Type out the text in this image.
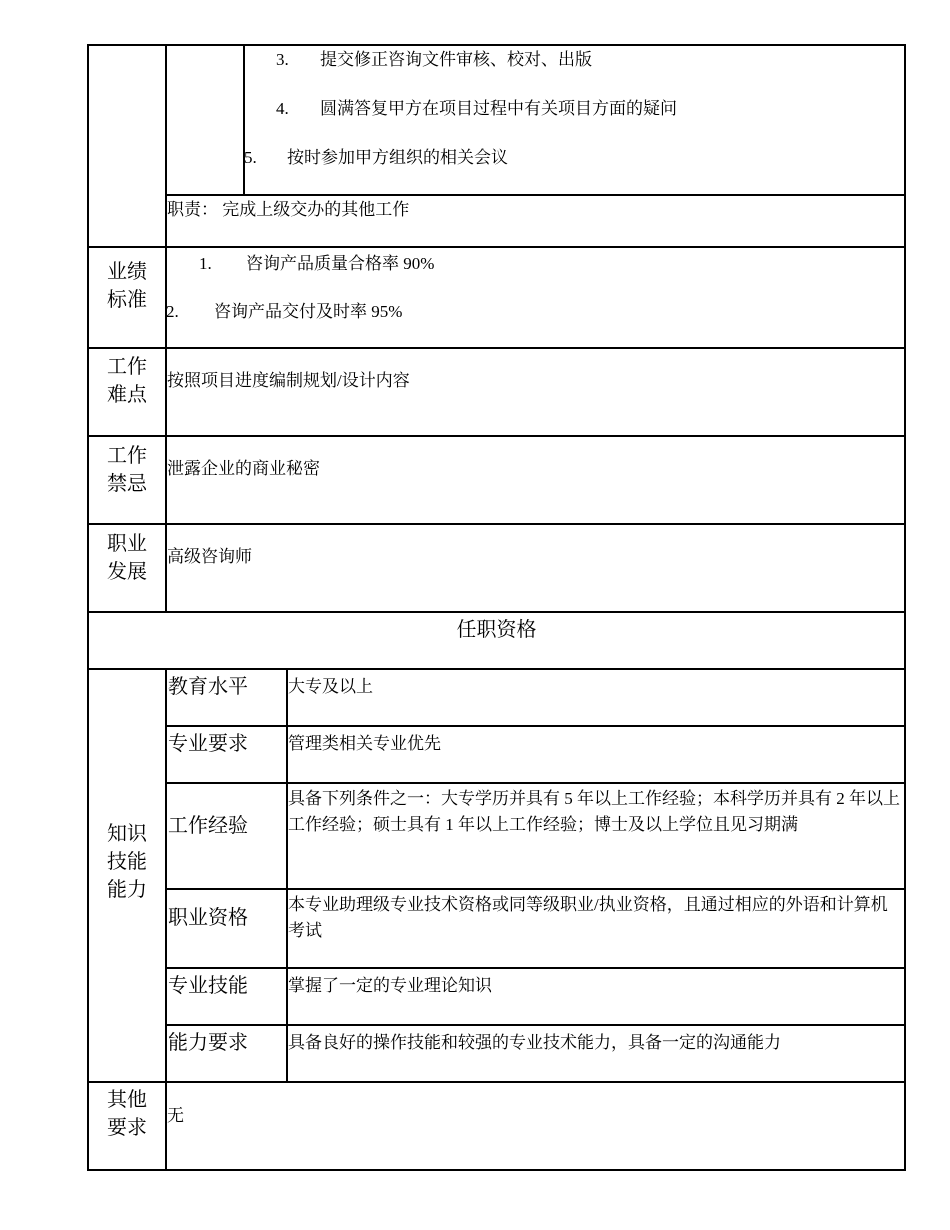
3. 提交修正咨询文件审核、校对、出版
4. 圆满答复甲方在项目过程中有关项目方面的疑问
5. 按时参加甲方组织的相关会议
职责： 完成上级交办的其他工作
业绩
标准
1. 咨询产品质量合格率 90%
2. 咨询产品交付及时率 95%
工作
难点
按照项目进度编制规划/设计内容
工作
禁忌
泄露企业的商业秘密
职业
发展
高级咨询师
任职资格
知识
技能
能力
教育水平 大专及以上
专业要求 管理类相关专业优先
工作经验
具备下列条件之一：大专学历并具有 5 年以上工作经验；本科学历并具有 2 年以上工作经验；硕士具有 1 年以上工作经验；博士及以上学位且见习期满
职业资格
本专业助理级专业技术资格或同等级职业/执业资格，且通过相应的外语和计算机考试
专业技能 掌握了一定的专业理论知识
能力要求 具备良好的操作技能和较强的专业技术能力，具备一定的沟通能力
其他
要求
无
